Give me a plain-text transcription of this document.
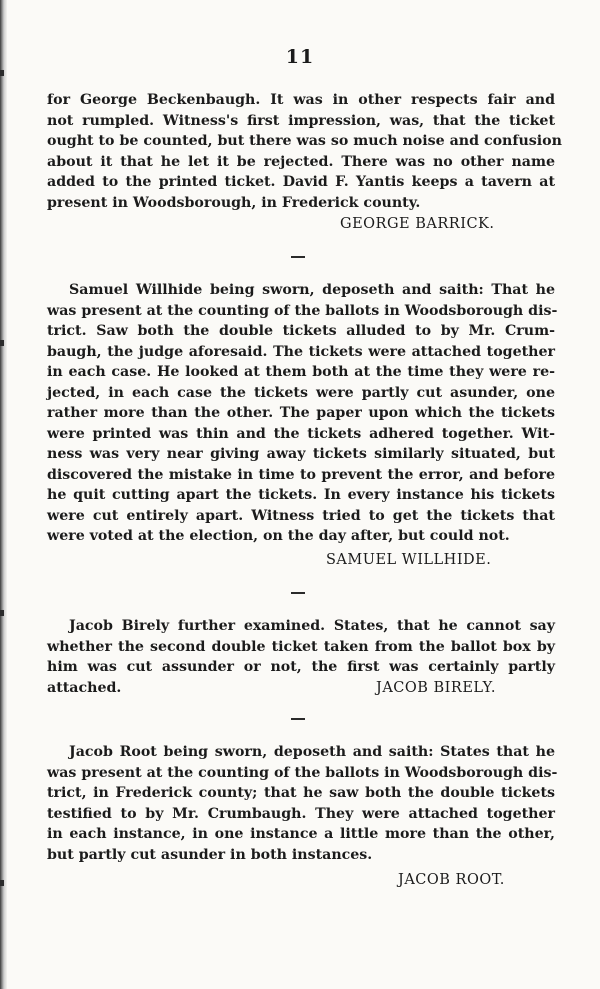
11

for George Beckenbaugh. It was in other respects fair and
not rumpled. Witness's first impression, was, that the ticket
ought to be counted, but there was so much noise and confusion
about it that he let it be rejected. There was no other name
added to the printed ticket. David F. Yantis keeps a tavern at
present in Woodsborough, in Frederick county.

GEORGE BARRICK.

Samuel Willhide being sworn, deposeth and saith: That he
was present at the counting of the ballots in Woodsborough dis-
trict. Saw both the double tickets alluded to by Mr. Crum-
baugh, the judge aforesaid. The tickets were attached together
in each case. He looked at them both at the time they were re-
jected, in each case the tickets were partly cut asunder, one
rather more than the other. The paper upon which the tickets
were printed was thin and the tickets adhered together. Wit-
ness was very near giving away tickets similarly situated, but
discovered the mistake in time to prevent the error, and before
he quit cutting apart the tickets. In every instance his tickets
were cut entirely apart. Witness tried to get the tickets that
were voted at the election, on the day after, but could not.

SAMUEL WILLHIDE.

Jacob Birely further examined. States, that he cannot say
whether the second double ticket taken from the ballot box by
him was cut assunder or not, the first was certainly partly
attached.	JACOB BIRELY.

Jacob Root being sworn, deposeth and saith: States that he
was present at the counting of the ballots in Woodsborough dis-
trict, in Frederick county; that he saw both the double tickets
testified to by Mr. Crumbaugh. They were attached together
in each instance, in one instance a little more than the other,
but partly cut asunder in both instances.

JACOB ROOT.
